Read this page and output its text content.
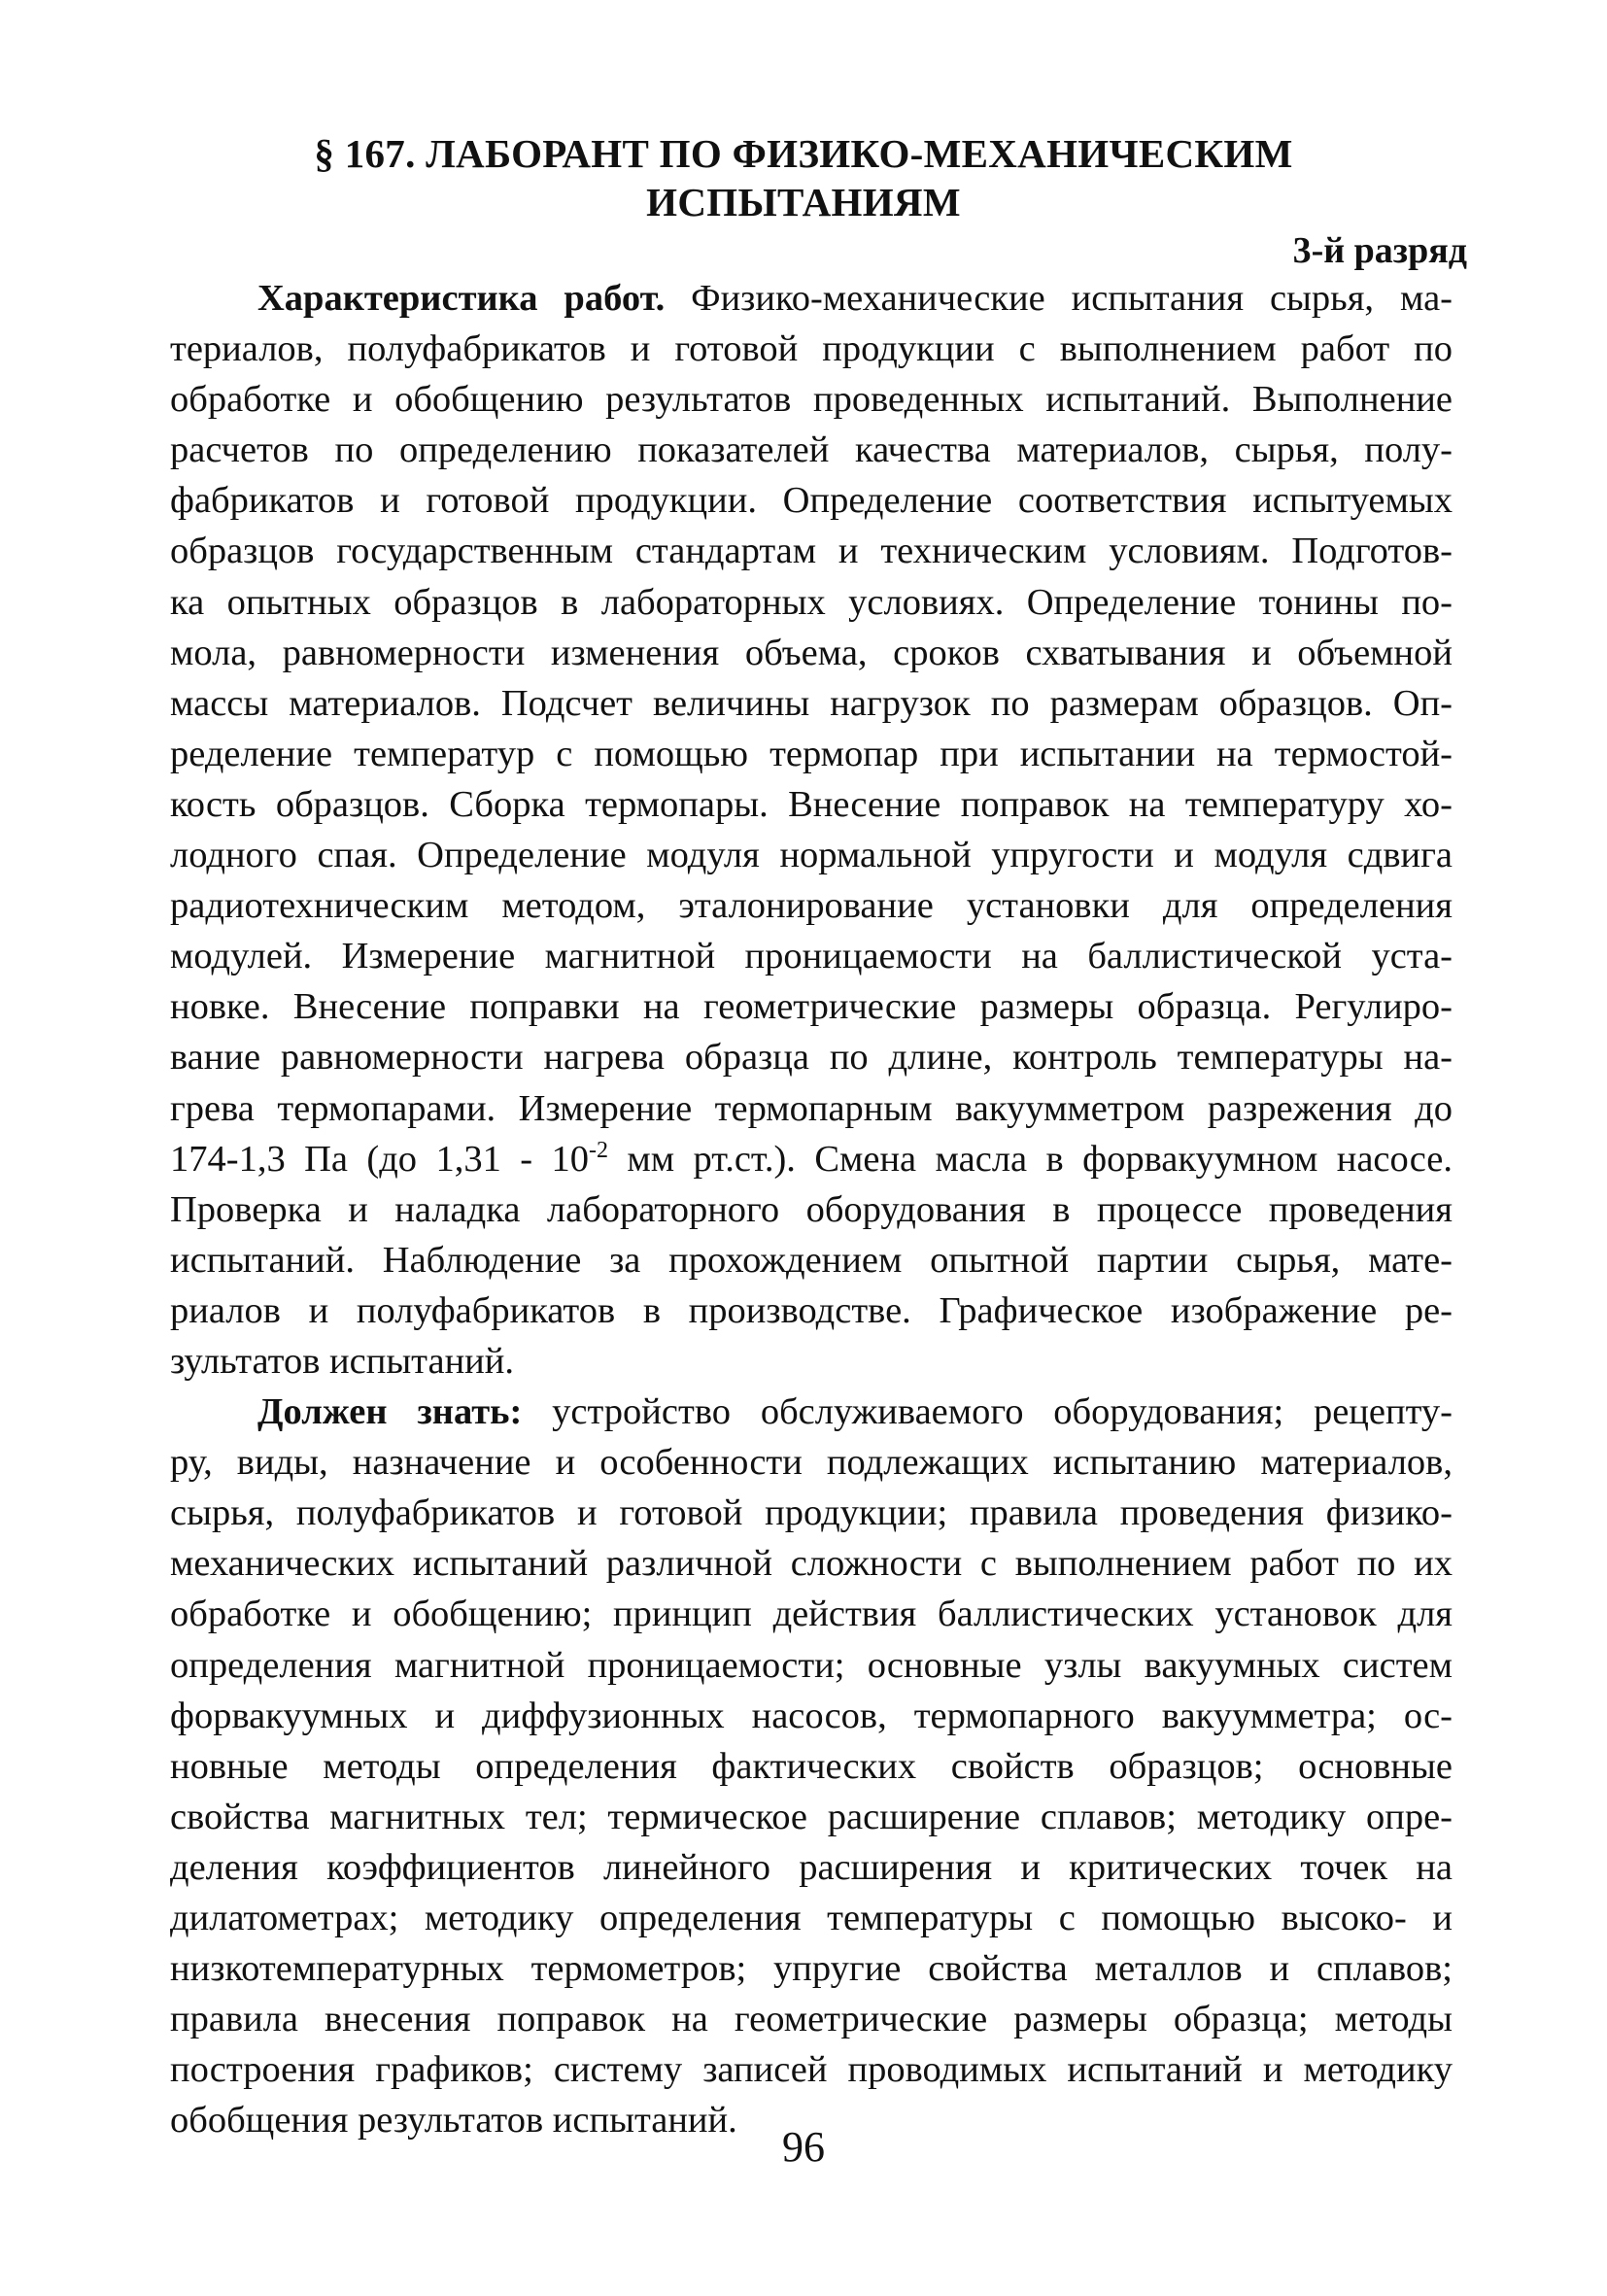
§ 167. ЛАБОРАНТ ПО ФИЗИКО-МЕХАНИЧЕСКИМ
ИСПЫТАНИЯМ
3-й разряд
Характеристика работ. Физико-механические испытания сырья, ма-
териалов, полуфабрикатов и готовой продукции с выполнением работ по
обработке и обобщению результатов проведенных испытаний. Выполнение
расчетов по определению показателей качества материалов, сырья, полу-
фабрикатов и готовой продукции. Определение соответствия испытуемых
образцов государственным стандартам и техническим условиям. Подготов-
ка опытных образцов в лабораторных условиях. Определение тонины по-
мола, равномерности изменения объема, сроков схватывания и объемной
массы материалов. Подсчет величины нагрузок по размерам образцов. Оп-
ределение температур с помощью термопар при испытании на термостой-
кость образцов. Сборка термопары. Внесение поправок на температуру хо-
лодного спая. Определение модуля нормальной упругости и модуля сдвига
радиотехническим методом, эталонирование установки для определения
модулей. Измерение магнитной проницаемости на баллистической уста-
новке. Внесение поправки на геометрические размеры образца. Регулиро-
вание равномерности нагрева образца по длине, контроль температуры на-
грева термопарами. Измерение термопарным вакуумметром разрежения до
174-1,3 Па (до $1,31 - 10^{-2}$ мм рт.ст.). Смена масла в форвакуумном насосе.
Проверка и наладка лабораторного оборудования в процессе проведения
испытаний. Наблюдение за прохождением опытной партии сырья, мате-
риалов и полуфабрикатов в производстве. Графическое изображение ре-
зультатов испытаний.
Должен знать: устройство обслуживаемого оборудования; рецепту-
ру, виды, назначение и особенности подлежащих испытанию материалов,
сырья, полуфабрикатов и готовой продукции; правила проведения физико-
механических испытаний различной сложности с выполнением работ по их
обработке и обобщению; принцип действия баллистических установок для
определения магнитной проницаемости; основные узлы вакуумных систем
форвакуумных и диффузионных насосов, термопарного вакуумметра; ос-
новные методы определения фактических свойств образцов; основные
свойства магнитных тел; термическое расширение сплавов; методику опре-
деления коэффициентов линейного расширения и критических точек на
дилатометрах; методику определения температуры с помощью высоко- и
низкотемпературных термометров; упругие свойства металлов и сплавов;
правила внесения поправок на геометрические размеры образца; методы
построения графиков; систему записей проводимых испытаний и методику
обобщения результатов испытаний.
96
